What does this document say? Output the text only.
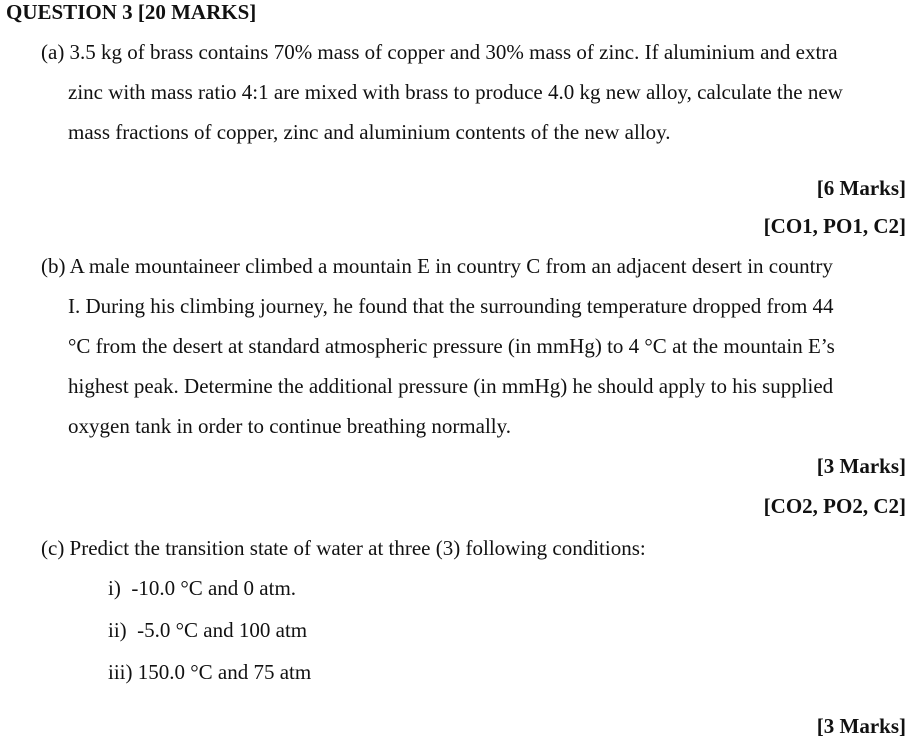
QUESTION 3 [20 MARKS]
(a) 3.5 kg of brass contains 70% mass of copper and 30% mass of zinc. If aluminium and extra
zinc with mass ratio 4:1 are mixed with brass to produce 4.0 kg new alloy, calculate the new
mass fractions of copper, zinc and aluminium contents of the new alloy.
[6 Marks]
[CO1, PO1, C2]
(b) A male mountaineer climbed a mountain E in country C from an adjacent desert in country
I. During his climbing journey, he found that the surrounding temperature dropped from 44
°C from the desert at standard atmospheric pressure (in mmHg) to 4 °C at the mountain E’s
highest peak. Determine the additional pressure (in mmHg) he should apply to his supplied
oxygen tank in order to continue breathing normally.
[3 Marks]
[CO2, PO2, C2]
(c) Predict the transition state of water at three (3) following conditions:
i)  -10.0 °C and 0 atm.
ii)  -5.0 °C and 100 atm
iii) 150.0 °C and 75 atm
[3 Marks]
